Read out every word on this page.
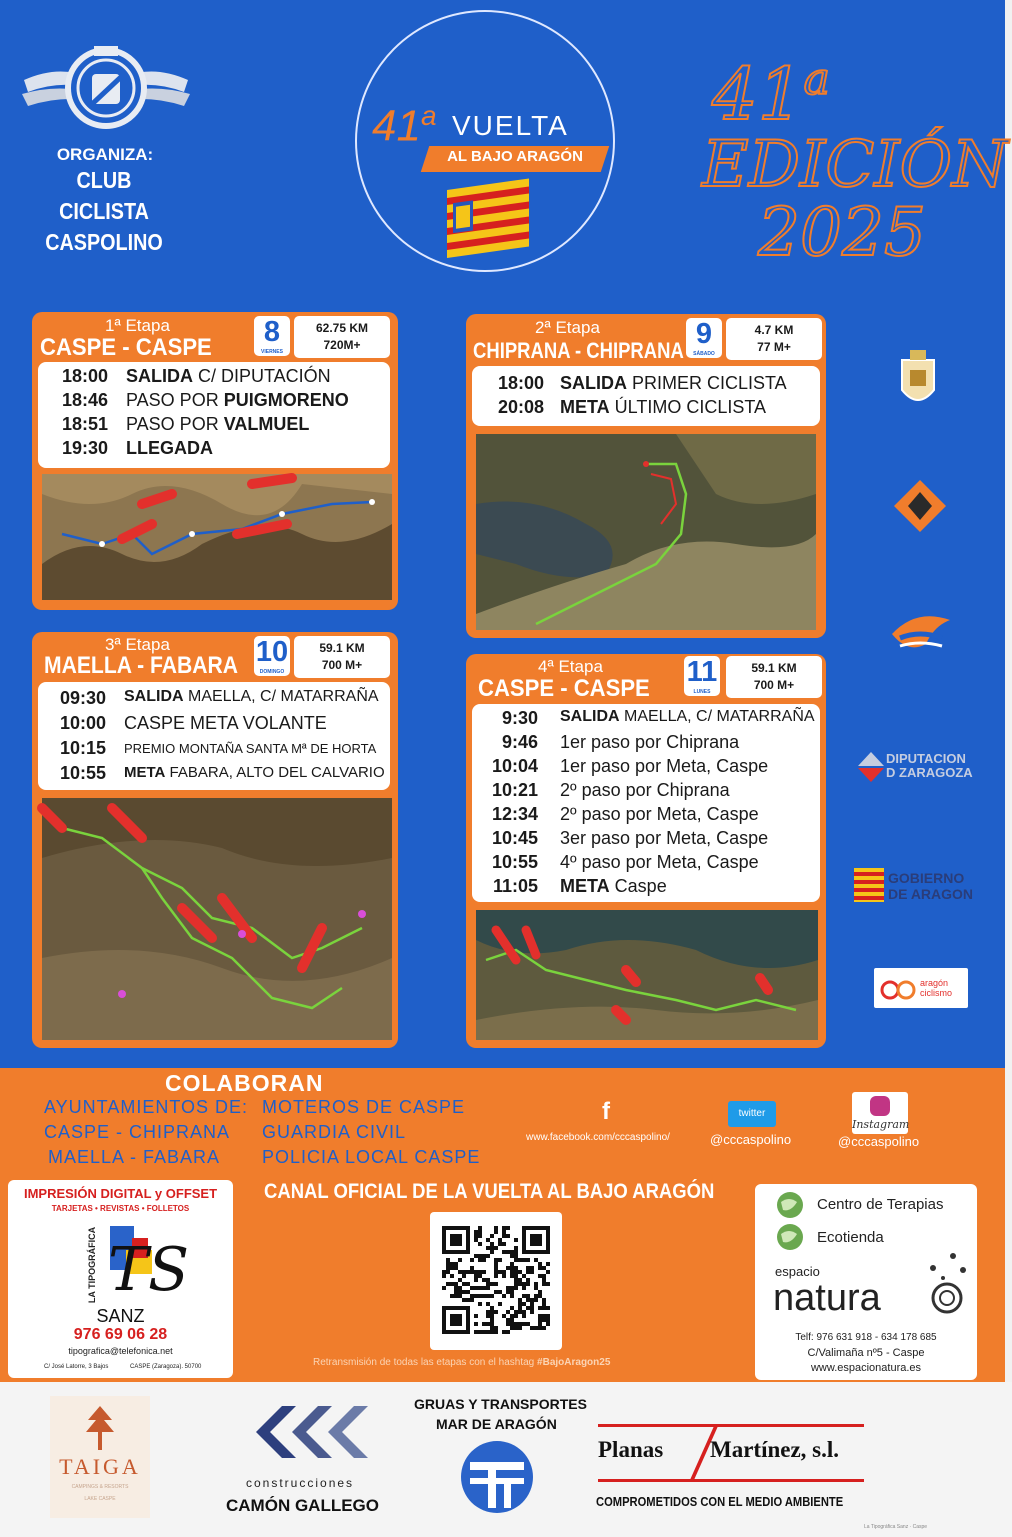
ORGANIZA:
CLUB
CICLISTA
CASPOLINO
41$^a$ VUELTA
AL BAJO ARAGÓN
41$^a$
EDICIÓN
2025
1ª Etapa
CASPE - CASPE	8
VIERNES
62.75 KM
720M+
18:00 SALIDA C/ DIPUTACIÓN
18:46 PASO POR PUIGMORENO
18:51 PASO POR VALMUEL
19:30 LLEGADA
2ª Etapa
CHIPRANA - CHIPRANA
9
SÁBADO
4.7 KM
77 M+
18:00 SALIDA PRIMER CICLISTA
20:08 META ÚLTIMO CICLISTA
3ª Etapa
MAELLA - FABARA 10
DOMINGO
59.1 KM
700 M+
09:30 SALIDA MAELLA, C/ MATARRAÑA
10:00 CASPE META VOLANTE
10:15 PREMIO MONTAÑA SANTA Mª DE HORTA
10:55 META FABARA, ALTO DEL CALVARIO
4ª Etapa
CASPE - CASPE
11
LUNES
59.1 KM
700 M+
9:30 SALIDA MAELLA, C/ MATARRAÑA
9:46 1er paso por Chiprana
10:04 1er paso por Meta, Caspe
10:21 2º paso por Chiprana
12:34 2º paso por Meta, Caspe
10:45 3er paso por Meta, Caspe
10:55 4º paso por Meta, Caspe
11:05 META Caspe
DIPUTACION
D ZARAGOZA
GOBIERNO
DE ARAGON
aragón
ciclismo
COLABORAN
AYUNTAMIENTOS DE:
CASPE - CHIPRANA
MAELLA - FABARA
MOTEROS DE CASPE
GUARDIA CIVIL
POLICIA LOCAL CASPE
f
www.facebook.com/cccaspolino/
twitter
@cccaspolino
Instagram
@cccaspolino
IMPRESIÓN DIGITAL y OFFSET
TARJETAS • REVISTAS • FOLLETOS
LA TIPOGRÁFICA TS
SANZ
976 69 06 28
tipografica@telefonica.net
C/ José Latorre, 3 Bajos	CASPE (Zaragoza). 50700
CANAL OFICIAL DE LA VUELTA AL BAJO ARAGÓN
Retransmisión de todas las etapas con el hashtag #BajoAragon25
Centro de Terapias
Ecotienda
espacio
natura
Telf: 976 631 918 - 634 178 685
C/Valimaña nº5 - Caspe
www.espacionatura.es
TAIGA
CAMPINGS & RESORTS
LAKE CASPE
construcciones
CAMÓN GALLEGO
GRUAS Y TRANSPORTES
MAR DE ARAGÓN
Planas Martínez, s.l.
COMPROMETIDOS CON EL MEDIO AMBIENTE
La Tipográfica Sanz · Caspe
